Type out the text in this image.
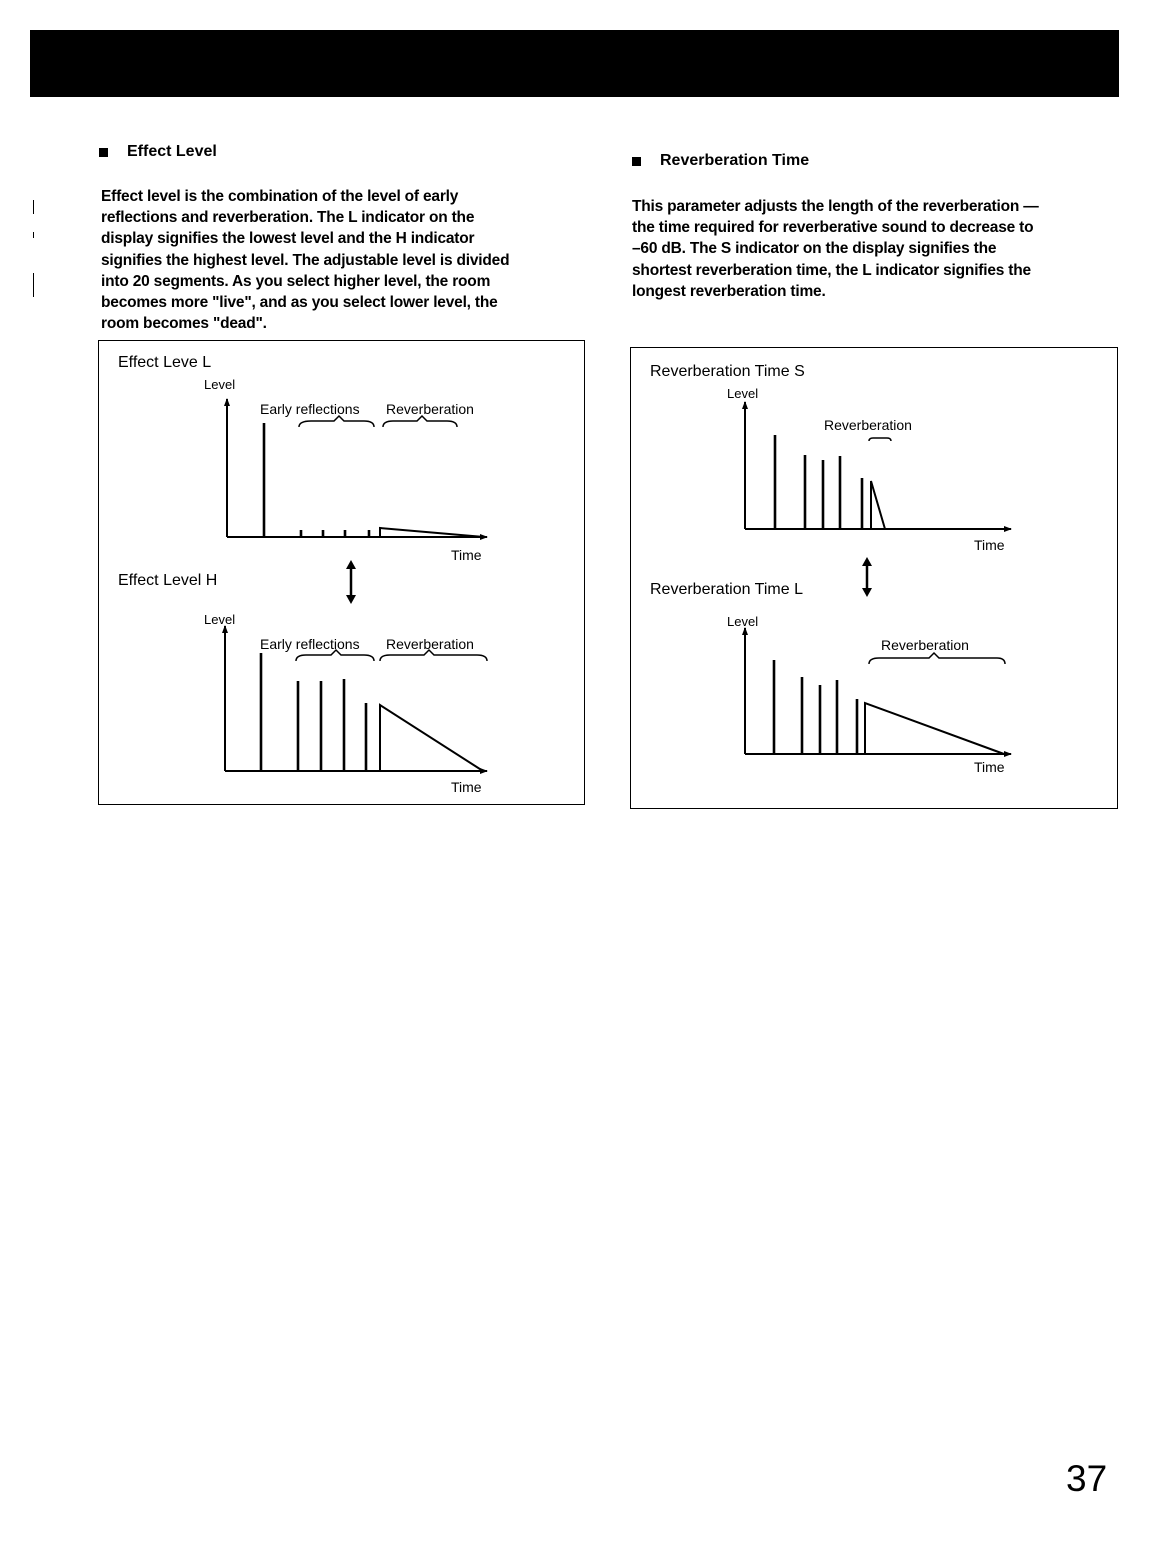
Effect Level

Effect level is the combination of the level of early

reflections and reverberation. The L indicator on the

display signifies the lowest level and the H indicator

signifies the highest level. The adjustable level is divided

into 20 segments. As you select higher level, the room

becomes more "live", and as you select lower level, the

room becomes "dead".

Effect Leve L
Level
Early reflections Reverberation
Time
Effect Level H
Level
Early reflections Reverberation
Time
Reverberation Time

This parameter adjusts the length of the reverberation —

the time required for reverberative sound to decrease to

–60 dB. The S indicator on the display signifies the

shortest reverberation time, the L indicator signifies the

longest reverberation time.

Reverberation Time S
Level
Reverberation
Time
Reverberation Time L
Level
Reverberation
Time
37
